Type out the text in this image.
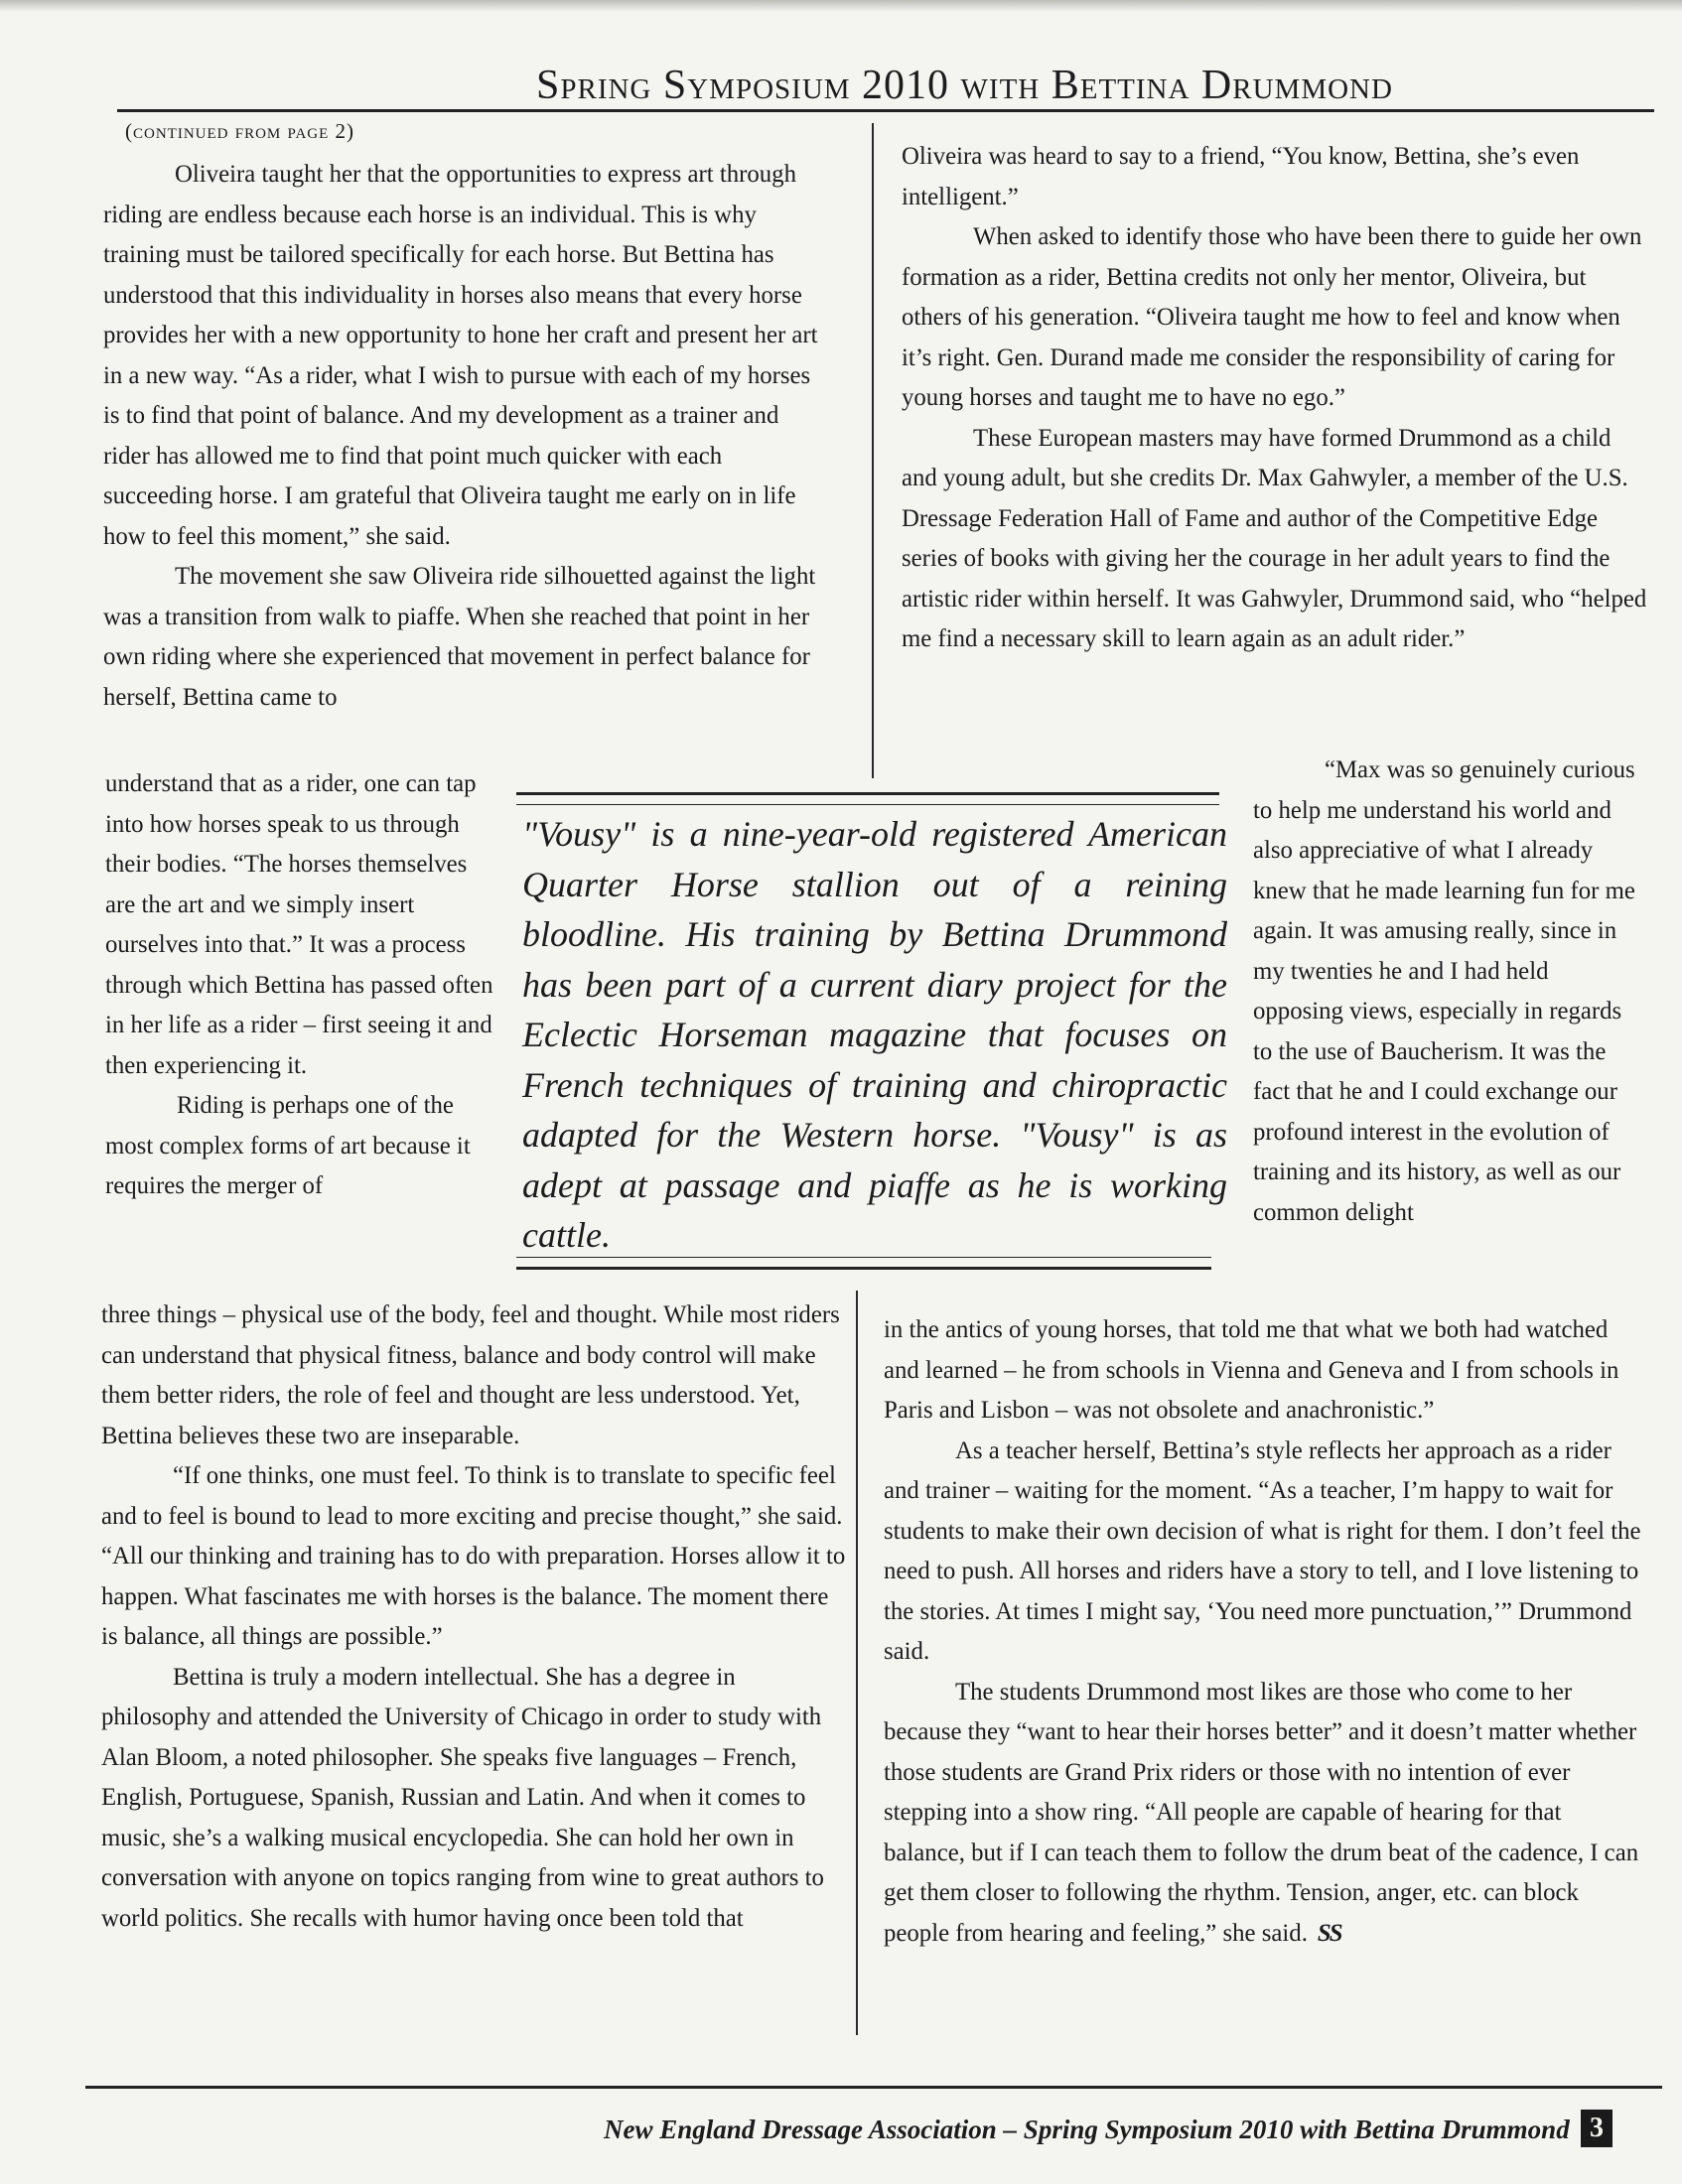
Spring Symposium 2010 with Bettina Drummond
(continued from page 2)

Oliveira taught her that the opportunities to express art through riding are endless because each horse is an individual. This is why training must be tailored specifically for each horse. But Bettina has understood that this individuality in horses also means that every horse provides her with a new opportunity to hone her craft and present her art in a new way. “As a rider, what I wish to pursue with each of my horses is to find that point of balance. And my development as a trainer and rider has allowed me to find that point much quicker with each succeeding horse. I am grateful that Oliveira taught me early on in life how to feel this moment,” she said.

The movement she saw Oliveira ride silhouetted against the light was a transition from walk to piaffe. When she reached that point in her own riding where she experienced that movement in perfect balance for herself, Bettina came to

understand that as a rider, one can tap into how horses speak to us through their bodies. “The horses themselves are the art and we simply insert ourselves into that.” It was a process through which Bettina has passed often in her life as a rider – first seeing it and then experiencing it.

Riding is perhaps one of the most complex forms of art because it requires the merger of

three things – physical use of the body, feel and thought. While most riders can understand that physical fitness, balance and body control will make them better riders, the role of feel and thought are less understood. Yet, Bettina believes these two are inseparable.

“If one thinks, one must feel. To think is to translate to specific feel and to feel is bound to lead to more exciting and precise thought,” she said. “All our thinking and training has to do with preparation. Horses allow it to happen. What fascinates me with horses is the balance. The moment there is balance, all things are possible.”

Bettina is truly a modern intellectual. She has a degree in philosophy and attended the University of Chicago in order to study with Alan Bloom, a noted philosopher. She speaks five languages – French, English, Portuguese, Spanish, Russian and Latin. And when it comes to music, she’s a walking musical encyclopedia. She can hold her own in conversation with anyone on topics ranging from wine to great authors to world politics. She recalls with humor having once been told that

Oliveira was heard to say to a friend, “You know, Bettina, she’s even intelligent.”

When asked to identify those who have been there to guide her own formation as a rider, Bettina credits not only her mentor, Oliveira, but others of his generation. “Oliveira taught me how to feel and know when it’s right. Gen. Durand made me consider the responsibility of caring for young horses and taught me to have no ego.”

These European masters may have formed Drummond as a child and young adult, but she credits Dr. Max Gahwyler, a member of the U.S. Dressage Federation Hall of Fame and author of the Competitive Edge series of books with giving her the courage in her adult years to find the artistic rider within herself. It was Gahwyler, Drummond said, who “helped me find a necessary skill to learn again as an adult rider.”

“Max was so genuinely curious to help me understand his world and also appreciative of what I already knew that he made learning fun for me again. It was amusing really, since in my twenties he and I had held opposing views, especially in regards to the use of Baucherism. It was the fact that he and I could exchange our profound interest in the evolution of training and its history, as well as our common delight

in the antics of young horses, that told me that what we both had watched and learned – he from schools in Vienna and Geneva and I from schools in Paris and Lisbon – was not obsolete and anachronistic.”

As a teacher herself, Bettina’s style reflects her approach as a rider and trainer – waiting for the moment. “As a teacher, I’m happy to wait for students to make their own decision of what is right for them. I don’t feel the need to push. All horses and riders have a story to tell, and I love listening to the stories. At times I might say, ‘You need more punctuation,’” Drummond said.

The students Drummond most likes are those who come to her because they “want to hear their horses better” and it doesn’t matter whether those students are Grand Prix riders or those with no intention of ever stepping into a show ring. “All people are capable of hearing for that balance, but if I can teach them to follow the drum beat of the cadence, I can get them closer to following the rhythm. Tension, anger, etc. can block people from hearing and feeling,” she said. SS

"Vousy" is a nine-year-old registered American Quarter Horse stallion out of a reining bloodline. His training by Bettina Drummond has been part of a current diary project for the Eclectic Horseman magazine that focuses on French techniques of training and chiropractic adapted for the Western horse. "Vousy" is as adept at passage and piaffe as he is working cattle.
New England Dressage Association – Spring Symposium 2010 with Bettina Drummond 3
